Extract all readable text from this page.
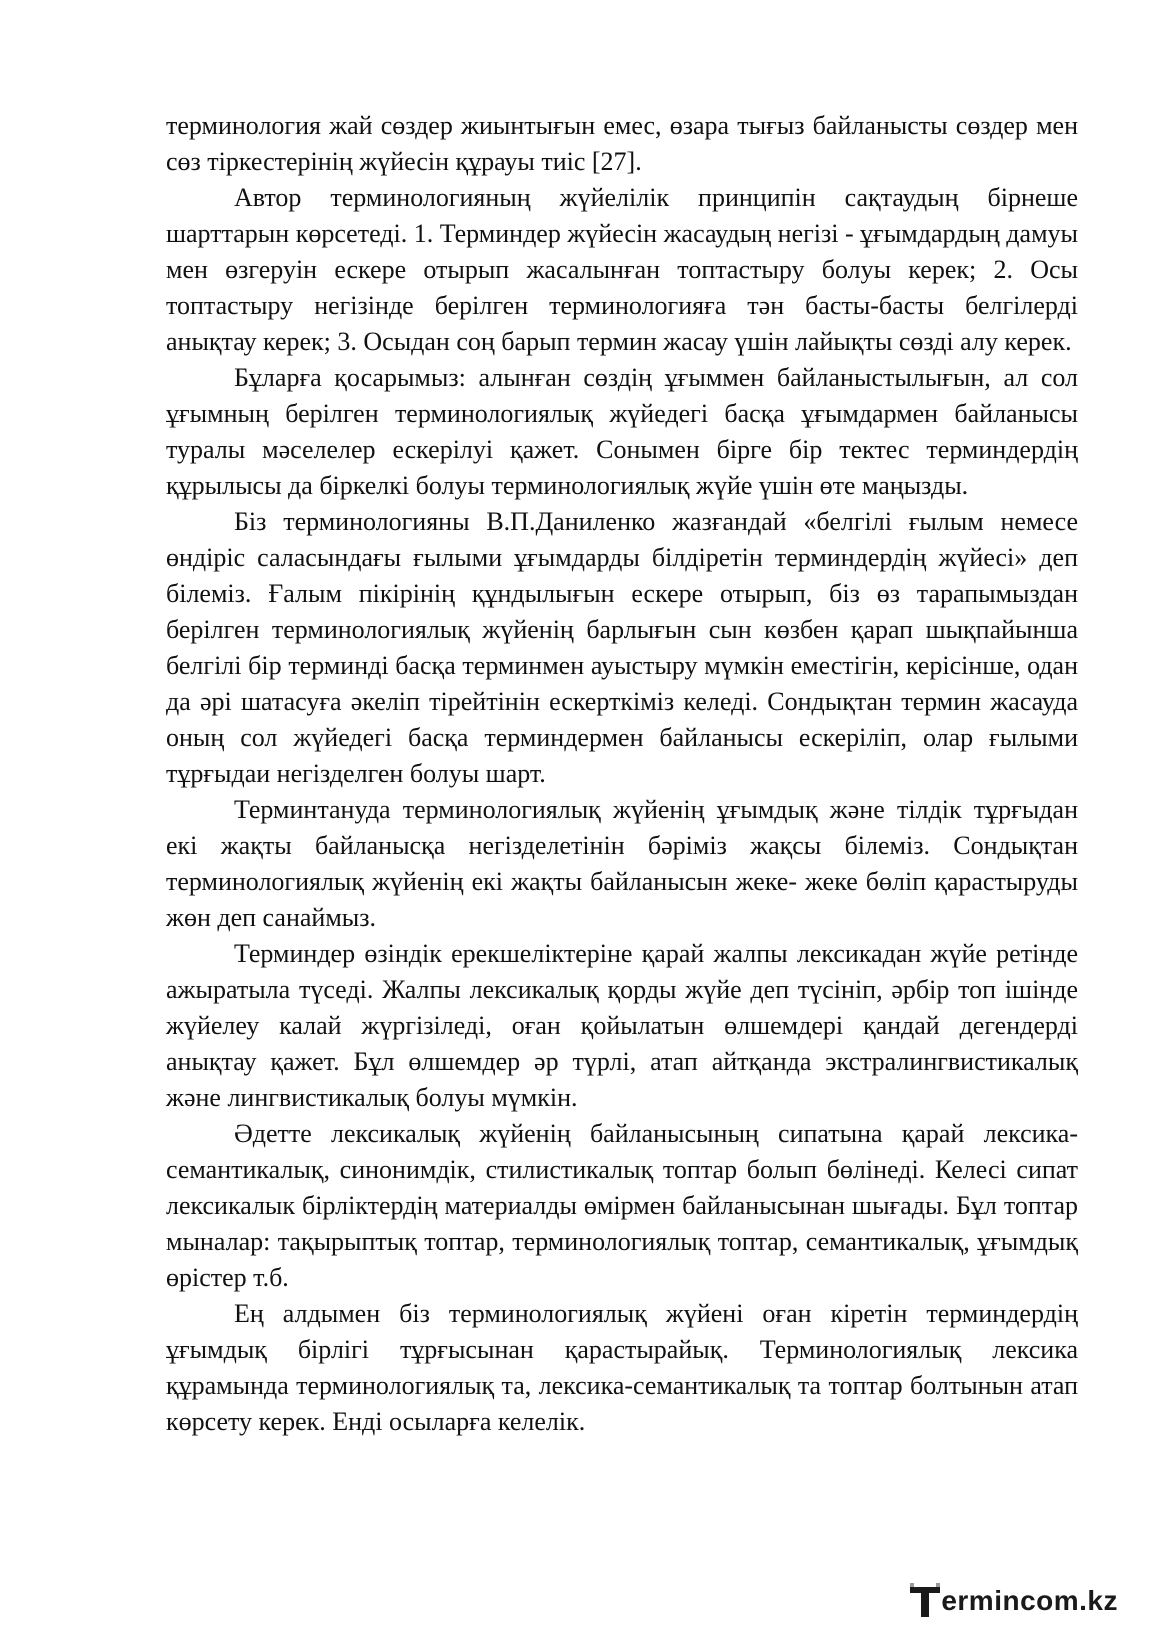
терминология жай сөздер жиынтығын емес, өзара тығыз байланысты сөздер мен сөз тіркестерінің жүйесін құрауы тиіс [27].

Автор терминологияның жүйелілік принципін сақтаудың бірнеше шарттарын көрсетеді. 1. Терминдер жүйесін жасаудың негізі - ұғымдардың дамуы мен өзгеруін ескере отырып жасалынған топтастыру болуы керек; 2. Осы топтастыру негізінде берілген терминологияға тән басты-басты белгілерді анықтау керек; 3. Осыдан соң барып термин жасау үшін лайықты сөзді алу керек.

Бұларға қосарымыз: алынған сөздің ұғыммен байланыстылығын, ал сол ұғымның берілген терминологиялық жүйедегі басқа ұғымдармен байланысы туралы мәселелер ескерілуі қажет. Сонымен бірге бір тектес терминдердің құрылысы да біркелкі болуы терминологиялық жүйе үшін өте маңызды.

Біз терминологияны В.П.Даниленко жазғандай «белгілі ғылым немесе өндіріс саласындағы ғылыми ұғымдарды білдіретін терминдердің жүйесі» деп білеміз. Ғалым пікірінің құндылығын ескере отырып, біз өз тарапымыздан берілген терминологиялық жүйенің барлығын сын көзбен қарап шықпайынша белгілі бір терминді басқа терминмен ауыстыру мүмкін еместігін, керісінше, одан да әрі шатасуға әкеліп тірейтінін ескерткіміз келеді. Сондықтан термин жасауда оның сол жүйедегі басқа терминдермен байланысы ескеріліп, олар ғылыми тұрғыдаи негізделген болуы шарт.

Терминтануда терминологиялық жүйенің ұғымдық және тілдік тұрғыдан екі жақты байланысқа негізделетінін бәріміз жақсы білеміз. Сондықтан терминологиялық жүйенің екі жақты байланысын жеке- жеке бөліп қарастыруды жөн деп санаймыз.

Терминдер өзіндік ерекшеліктеріне қарай жалпы лексикадан жүйе ретінде ажыратыла түседі. Жалпы лексикалық қорды жүйе деп түсініп, әрбір топ ішінде жүйелеу калай жүргізіледі, оған қойылатын өлшемдері қандай дегендерді анықтау қажет. Бұл өлшемдер әр түрлі, атап айтқанда экстралингвистикалық және лингвистикалық болуы мүмкін.

Әдетте лексикалық жүйенің байланысының сипатына қарай лексика-семантикалық, синонимдік, стилистикалық топтар болып бөлінеді. Келесі сипат лексикалык бірліктердің материалды өмірмен байланысынан шығады. Бұл топтар мыналар: тақырыптық топтар, терминологиялық топтар, семантикалық, ұғымдық өрістер т.б.

Ең алдымен біз терминологиялық жүйені оған кіретін терминдердің ұғымдық бірлігі тұрғысынан қарастырайық. Терминологиялық лексика құрамында терминологиялық та, лексика-семантикалық та топтар болтынын атап көрсету керек. Енді осыларға келелік.

ermincom.kz
